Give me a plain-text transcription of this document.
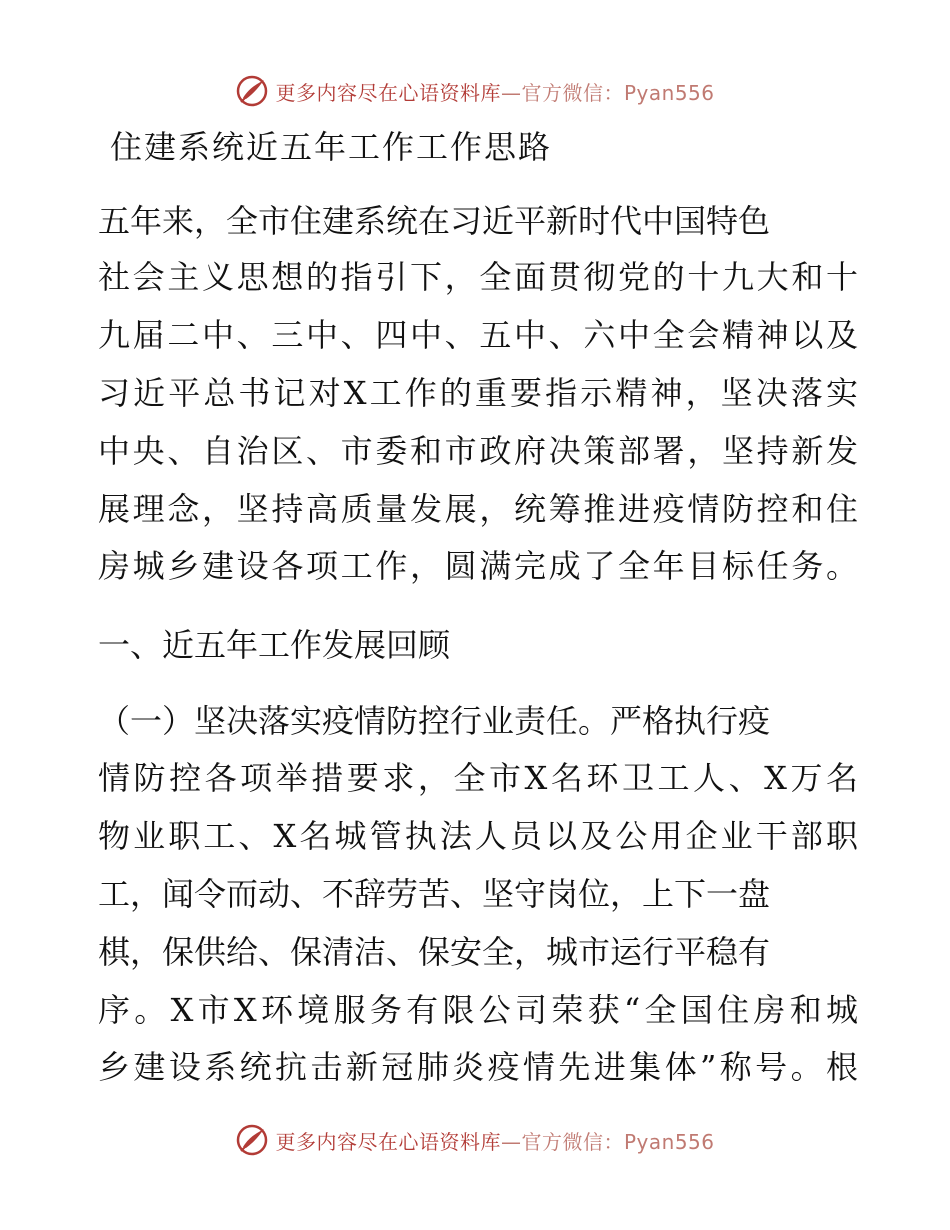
更多内容尽在心语资料库—官方微信：Pyan556
住建系统近五年工作工作思路
五年来，全市住建系统在习近平新时代中国特色
社会主义思想的指引下，全面贯彻党的十九大和十
九届二中、三中、四中、五中、六中全会精神以及
习近平总书记对X工作的重要指示精神，坚决落实
中央、自治区、市委和市政府决策部署，坚持新发
展理念，坚持高质量发展，统筹推进疫情防控和住
房城乡建设各项工作，圆满完成了全年目标任务。
一、近五年工作发展回顾
（一）坚决落实疫情防控行业责任。严格执行疫
情防控各项举措要求，全市X名环卫工人、X万名
物业职工、X名城管执法人员以及公用企业干部职
工，闻令而动、不辞劳苦、坚守岗位，上下一盘
棋，保供给、保清洁、保安全，城市运行平稳有
序。X市X环境服务有限公司荣获“全国住房和城
乡建设系统抗击新冠肺炎疫情先进集体”称号。根
更多内容尽在心语资料库—官方微信：Pyan556
